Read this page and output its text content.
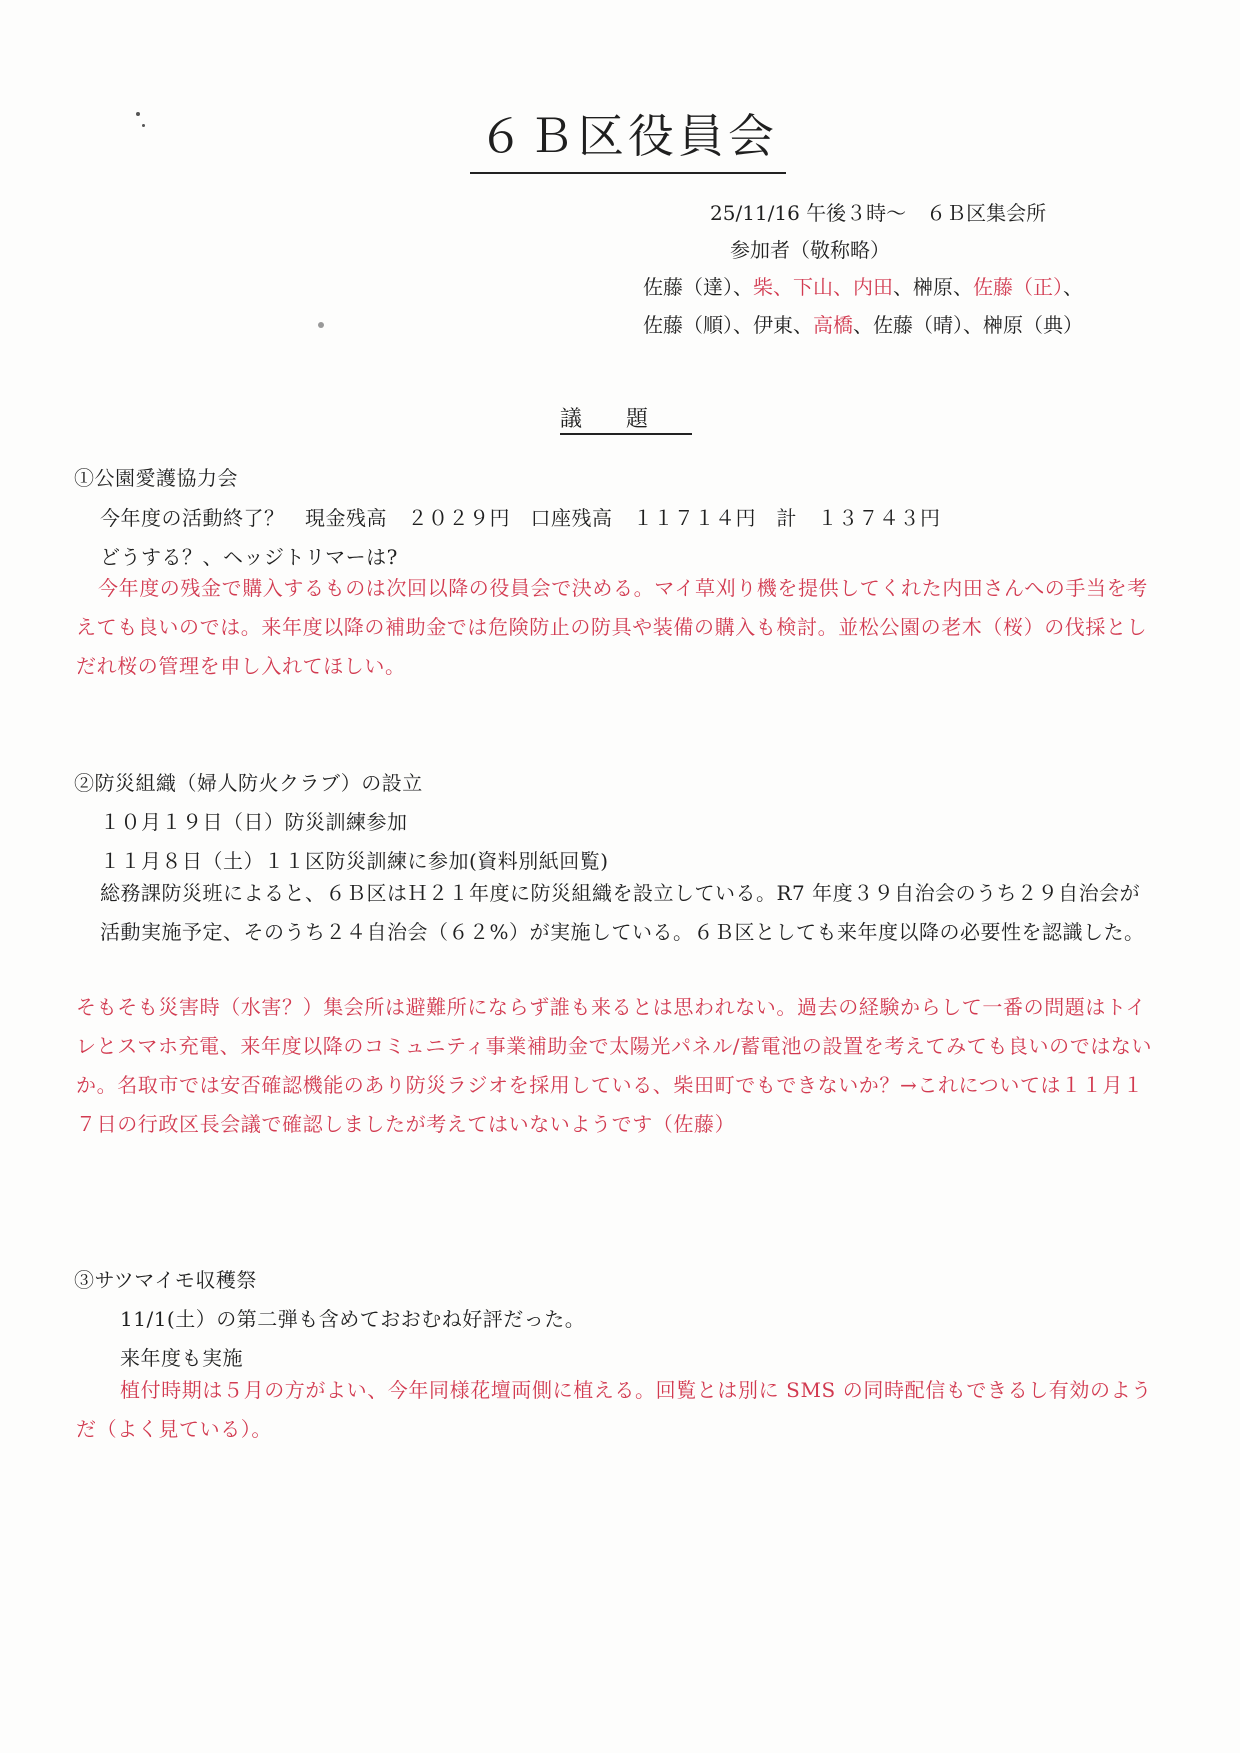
６Ｂ区役員会
25/11/16 午後３時～　６Ｂ区集会所
参加者（敬称略）
佐藤（達）、柴、下山、内田、榊原、佐藤（正）、
佐藤（順）、伊東、高橋、佐藤（晴）、榊原（典）
議題
①公園愛護協力会
今年度の活動終了？　現金残高　２０２９円　口座残高　１１７１４円　計　１３７４３円
どうする？、ヘッジトリマーは?
今年度の残金で購入するものは次回以降の役員会で決める。マイ草刈り機を提供してくれた内田さんへの手当を考えても良いのでは。来年度以降の補助金では危険防止の防具や装備の購入も検討。並松公園の老木（桜）の伐採としだれ桜の管理を申し入れてほしい。
②防災組織（婦人防火クラブ）の設立
１０月１９日（日）防災訓練参加
１１月８日（土）１１区防災訓練に参加(資料別紙回覧)
総務課防災班によると、６Ｂ区はＨ２１年度に防災組織を設立している。R7 年度３９自治会のうち２９自治会が活動実施予定、そのうち２４自治会（６２%）が実施している。６Ｂ区としても来年度以降の必要性を認識した。
そもそも災害時（水害？）集会所は避難所にならず誰も来るとは思われない。過去の経験からして一番の問題はトイレとスマホ充電、来年度以降のコミュニティ事業補助金で太陽光パネル/蓄電池の設置を考えてみても良いのではないか。名取市では安否確認機能のあり防災ラジオを採用している、柴田町でもできないか？→これについては１１月１７日の行政区長会議で確認しましたが考えてはいないようです（佐藤）
③サツマイモ収穫祭
11/1(土）の第二弾も含めておおむね好評だった。
来年度も実施
植付時期は５月の方がよい、今年同様花壇両側に植える。回覧とは別に SMS の同時配信もできるし有効のようだ（よく見ている）。
